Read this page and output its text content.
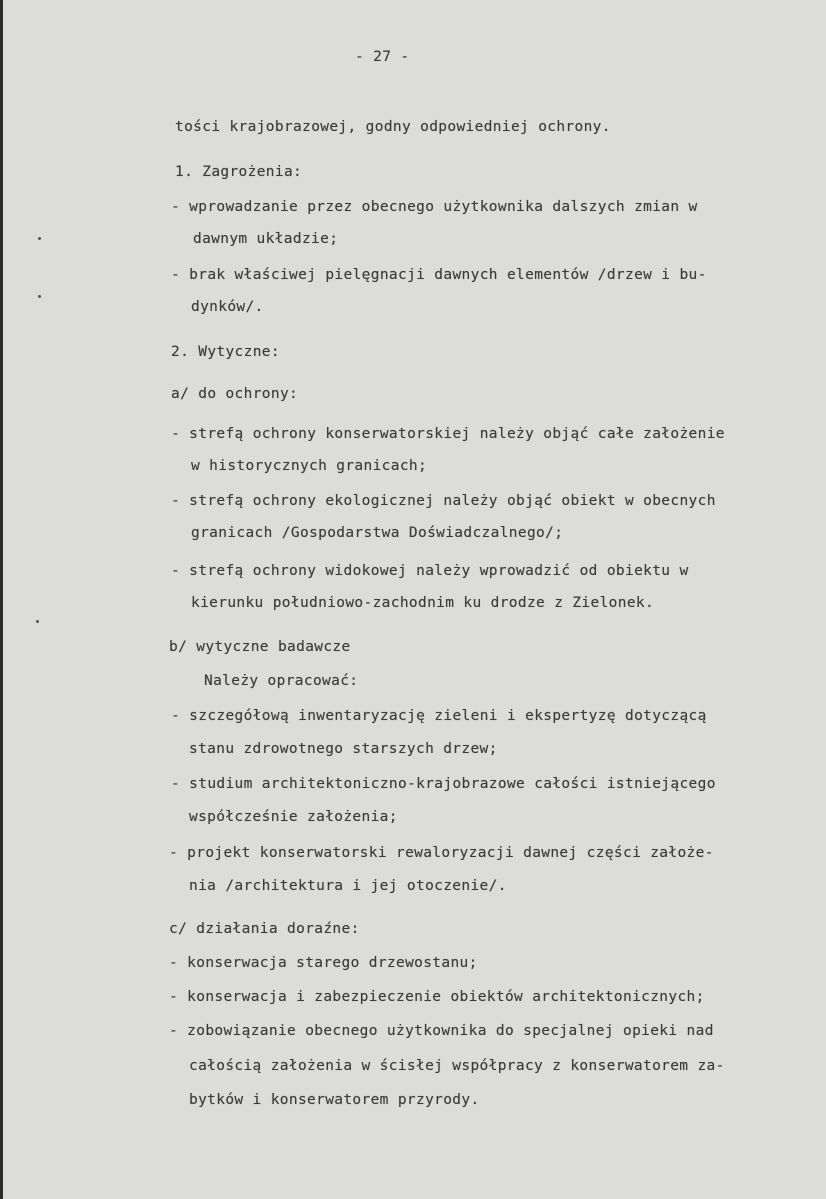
- 27 -
tości krajobrazowej, godny odpowiedniej ochrony.
1. Zagrożenia:
- wprowadzanie przez obecnego użytkownika dalszych zmian w
dawnym układzie;
- brak właściwej pielęgnacji dawnych elementów /drzew i bu-
dynków/.
2. Wytyczne:
a/ do ochrony:
- strefą ochrony konserwatorskiej należy objąć całe założenie
w historycznych granicach;
- strefą ochrony ekologicznej należy objąć obiekt w obecnych
granicach /Gospodarstwa Doświadczalnego/;
- strefą ochrony widokowej należy wprowadzić od obiektu w
kierunku południowo-zachodnim ku drodze z Zielonek.
b/ wytyczne badawcze
Należy opracować:
- szczegółową inwentaryzację zieleni i ekspertyzę dotyczącą
stanu zdrowotnego starszych drzew;
- studium architektoniczno-krajobrazowe całości istniejącego
współcześnie założenia;
- projekt konserwatorski rewaloryzacji dawnej części założe-
nia /architektura i jej otoczenie/.
c/ działania doraźne:
- konserwacja starego drzewostanu;
- konserwacja i zabezpieczenie obiektów architektonicznych;
- zobowiązanie obecnego użytkownika do specjalnej opieki nad
całością założenia w ścisłej współpracy z konserwatorem za-
bytków i konserwatorem przyrody.
